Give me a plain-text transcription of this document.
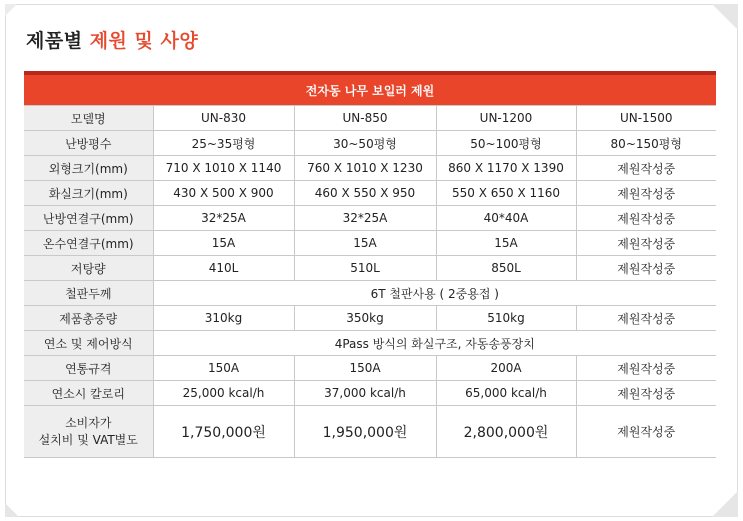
제품별 제원 및 사양
전자동 나무 보일러 제원				
모델명	UN-830	UN-850	UN-1200	UN-1500
난방평수	25~35평형	30~50평형	50~100평형	80~150평형
외형크기(mm)	710 X 1010 X 1140	760 X 1010 X 1230	860 X 1170 X 1390	제원작성중
화실크기(mm)	430 X 500 X 900	460 X 550 X 950	550 X 650 X 1160	제원작성중
난방연결구(mm)	32*25A	32*25A	40*40A	제원작성중
온수연결구(mm)	15A	15A	15A	제원작성중
저탕량	410L	510L	850L	제원작성중
철판두께	6T 철판사용 ( 2중용접 )			
제품총중량	310kg	350kg	510kg	제원작성중
연소 및 제어방식	4Pass 방식의 화실구조, 자동송풍장치			
연통규격	150A	150A	200A	제원작성중
연소시 칼로리	25,000 kcal/h	37,000 kcal/h	65,000 kcal/h	제원작성중

소비자가
설치비 및 VAT별도	1,750,000원	1,950,000원	2,800,000원	제원작성중
